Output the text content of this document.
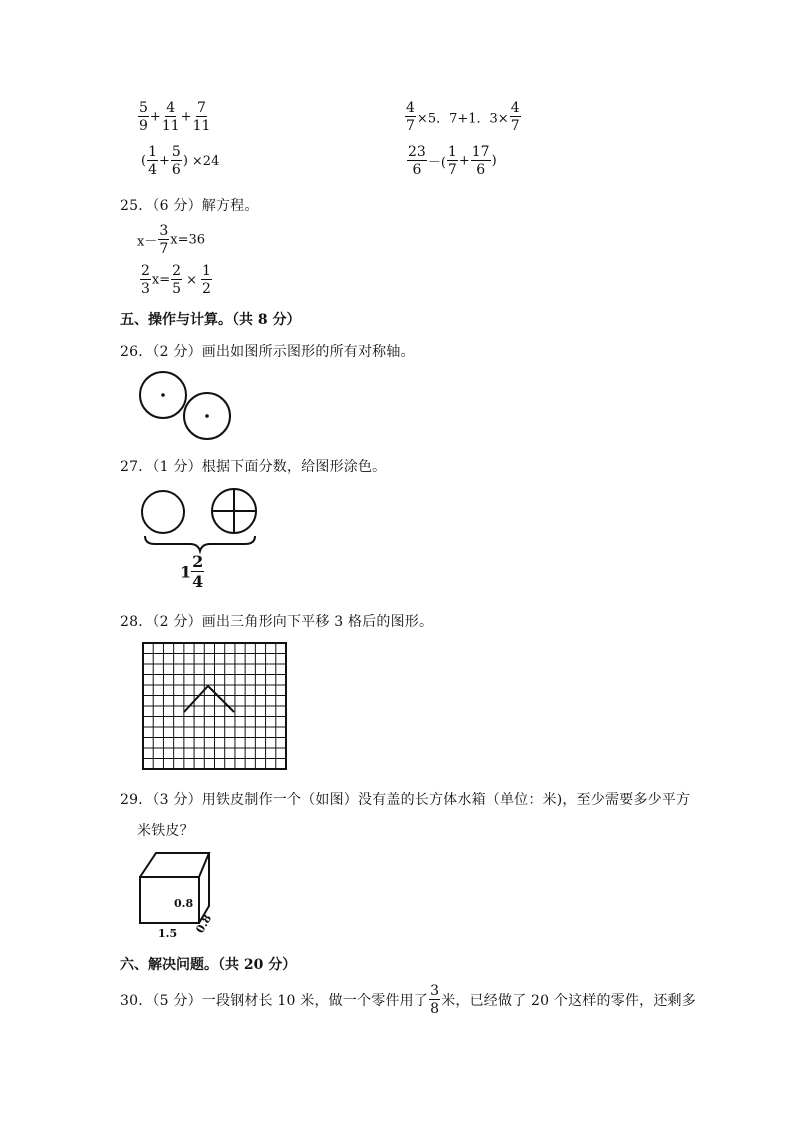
$\frac{5}{9} + \frac{4}{11} + \frac{7}{11}$	$\frac{4}{7} \times 5$．7+1．$3\times \frac{4}{7}$
( $\frac{1}{4} + \frac{5}{6}$ ) ×24	$\frac{23}{6}$ －( $\frac{1}{7} + \frac{17}{6}$ )
25．（6 分）解方程。
$x- \frac{3}{7} x=36$
$\frac{2}{3} x= \frac{2}{5} \times \frac{1}{2}$
五、操作与计算。（共 8 分）
26．（2 分）画出如图所示图形的所有对称轴。
27．（1 分）根据下面分数，给图形涂色。
$1 \frac{2}{4}$
28．（2 分）画出三角形向下平移 3 格后的图形。
29．（3 分）用铁皮制作一个（如图）没有盖的长方体水箱（单位：米)，至少需要多少平方
米铁皮？
0.8
0.8
1.5
六、解决问题。（共 20 分）
30．（5 分）一段钢材长 10 米，做一个零件用了 $\frac{3}{8}$ 米，已经做了 20 个这样的零件，还剩多
